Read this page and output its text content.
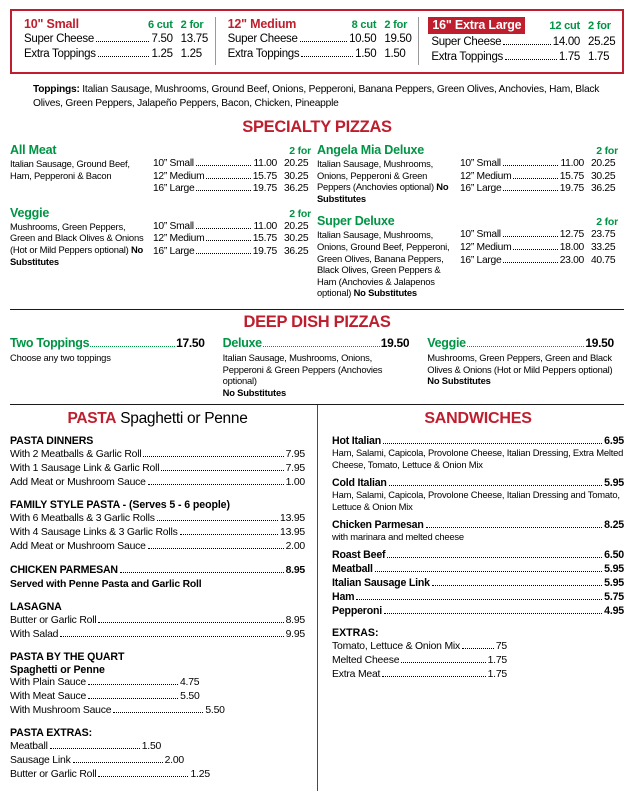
10" Small	6 cut 2 for
Super Cheese	7.50 13.75
Extra Toppings	1.25 1.25
12" Medium	8 cut 2 for
Super Cheese	10.50 19.50
Extra Toppings	1.50 1.50
16" Extra Large	12 cut 2 for
Super Cheese	14.00 25.25
Extra Toppings	1.75 1.75
Toppings: Italian Sausage, Mushrooms, Ground Beef, Onions, Pepperoni, Banana Peppers, Green Olives, Anchovies, Ham, Black Olives, Green Peppers, Jalapeño Peppers, Bacon, Chicken, Pineapple
SPECIALTY PIZZAS
All Meat	2 for
Italian Sausage, Ground Beef, Ham, Pepperoni & Bacon
10” Small	11.00 20.25
12” Medium	15.75 30.25
16” Large	19.75 36.25
Veggie	2 for
Mushrooms, Green Peppers, Green and Black Olives & Onions (Hot or Mild Peppers optional) No Substitutes
10” Small	11.00 20.25
12” Medium	15.75 30.25
16” Large	19.75 36.25
Angela Mia Deluxe	2 for
Italian Sausage, Mushrooms, Onions, Pepperoni & Green Peppers (Anchovies optional) No Substitutes
10” Small	11.00 20.25
12” Medium	15.75 30.25
16” Large	19.75 36.25
Super Deluxe	2 for
Italian Sausage, Mushrooms, Onions, Ground Beef, Pepperoni, Green Olives, Banana Peppers, Black Olives, Green Peppers & Ham (Anchovies & Jalapenos optional) No Substitutes
10” Small	12.75 23.75
12” Medium	18.00 33.25
16” Large	23.00 40.75
DEEP DISH PIZZAS
Two Toppings	17.50
Choose any two toppings
Deluxe	19.50
Italian Sausage, Mushrooms, Onions, Pepperoni & Green Peppers (Anchovies optional)
No Substitutes
Veggie	19.50
Mushrooms, Green Peppers, Green and Black Olives & Onions (Hot or Mild Peppers optional)
No Substitutes
PASTA Spaghetti or Penne
PASTA DINNERS
With 2 Meatballs & Garlic Roll	7.95
With 1 Sausage Link & Garlic Roll	7.95
Add Meat or Mushroom Sauce	1.00
FAMILY STYLE PASTA - (Serves 5 - 6 people)
With 6 Meatballs & 3 Garlic Rolls	13.95
With 4 Sausage Links & 3 Garlic Rolls	13.95
Add Meat or Mushroom Sauce	2.00
CHICKEN PARMESAN	8.95
Served with Penne Pasta and Garlic Roll
LASAGNA
Butter or Garlic Roll	8.95
With Salad	9.95
PASTA BY THE QUART
Spaghetti or Penne
With Plain Sauce	4.75
With Meat Sauce	5.50
With Mushroom Sauce	5.50
PASTA EXTRAS:
Meatball	1.50
Sausage Link	2.00
Butter or Garlic Roll	1.25
SANDWICHES
Hot Italian	6.95
Ham, Salami, Capicola, Provolone Cheese, Italian Dressing, Extra Melted Cheese, Tomato, Lettuce & Onion Mix
Cold Italian	5.95
Ham, Salami, Capicola, Provolone Cheese, Italian Dressing and Tomato, Lettuce & Onion Mix
Chicken Parmesan	8.25
with marinara and melted cheese
Roast Beef	6.50
Meatball	5.95
Italian Sausage Link	5.95
Ham	5.75
Pepperoni	4.95
EXTRAS:
Tomato, Lettuce & Onion Mix	75
Melted Cheese	1.75
Extra Meat	1.75
